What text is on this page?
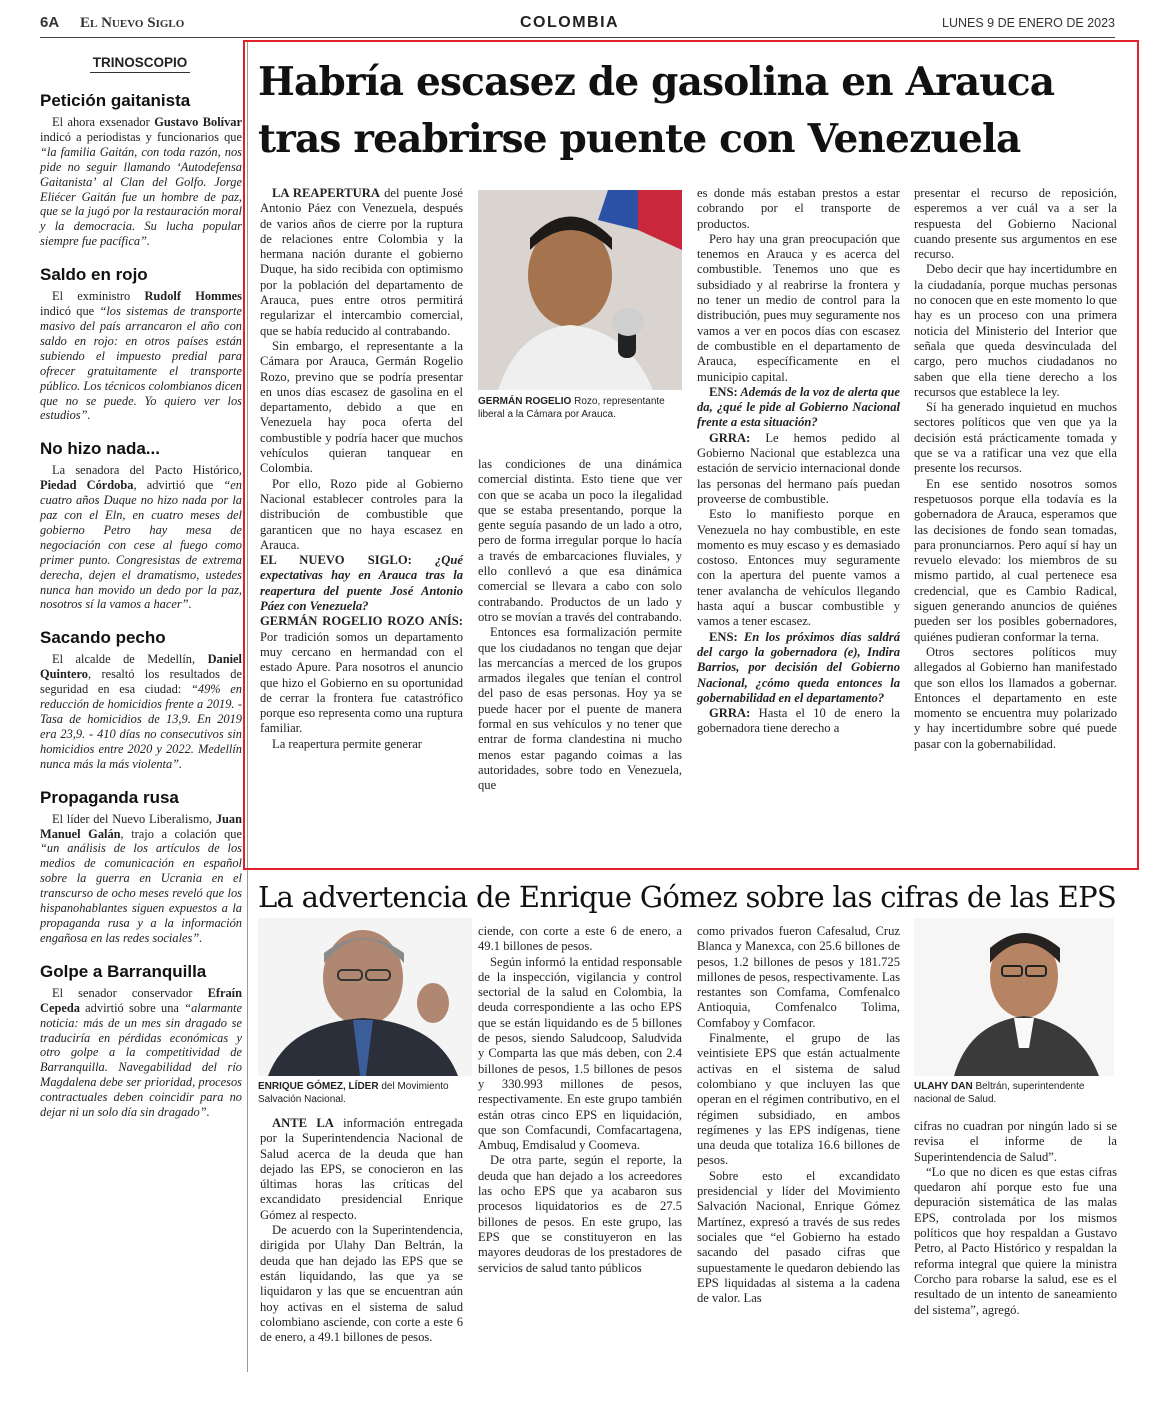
6A El Nuevo Siglo	COLOMBIA	LUNES 9 DE ENERO DE 2023
TRINOSCOPIO
Petición gaitanista
El ahora exsenador Gustavo Bolívar indicó a periodistas y funcionarios que “la familia Gaitán, con toda razón, nos pide no seguir llamando ‘Autodefensa Gaitanista’ al Clan del Golfo. Jorge Eliécer Gaitán fue un hombre de paz, que se la jugó por la restauración moral y la democracia. Su lucha popular siempre fue pacífica”.
Saldo en rojo
El exministro Rudolf Hommes indicó que “los sistemas de transporte masivo del país arrancaron el año con saldo en rojo: en otros países están subiendo el impuesto predial para ofrecer gratuitamente el transporte público. Los técnicos colombianos dicen que no se puede. Yo quiero ver los estudios”.
No hizo nada...
La senadora del Pacto Histórico, Piedad Córdoba, advirtió que “en cuatro años Duque no hizo nada por la paz con el Eln, en cuatro meses del gobierno Petro hay mesa de negociación con cese al fuego como primer punto. Congresistas de extrema derecha, dejen el dramatismo, ustedes nunca han movido un dedo por la paz, nosotros sí la vamos a hacer”.
Sacando pecho
El alcalde de Medellín, Daniel Quintero, resaltó los resultados de seguridad en esa ciudad: “49% en reducción de homicidios frente a 2019. - Tasa de homicidios de 13,9. En 2019 era 23,9. - 410 días no consecutivos sin homicidios entre 2020 y 2022. Medellín nunca más la más violenta”.
Propaganda rusa
El líder del Nuevo Liberalismo, Juan Manuel Galán, trajo a colación que “un análisis de los artículos de los medios de comunicación en español sobre la guerra en Ucrania en el transcurso de ocho meses reveló que los hispanohablantes siguen expuestos a la propaganda rusa y a la información engañosa en las redes sociales”.
Golpe a Barranquilla
El senador conservador Efraín Cepeda advirtió sobre una “alarmante noticia: más de un mes sin dragado se traduciría en pérdidas económicas y otro golpe a la competitividad de Barranquilla. Navegabilidad del río Magdalena debe ser prioridad, procesos contractuales deben coincidir para no dejar ni un solo día sin dragado”.
Habría escasez de gasolina en Arauca tras reabrirse puente con Venezuela
LA REAPERTURA del puente José Antonio Páez con Venezuela, después de varios años de cierre por la ruptura de relaciones entre Colombia y la hermana nación durante el gobierno Duque, ha sido recibida con optimismo por la población del departamento de Arauca, pues entre otros permitirá regularizar el intercambio comercial, que se había reducido al contrabando.
Sin embargo, el representante a la Cámara por Arauca, Germán Rogelio Rozo, previno que se podría presentar en unos días escasez de gasolina en el departamento, debido a que en Venezuela hay poca oferta del combustible y podría hacer que muchos vehículos quieran tanquear en Colombia.
Por ello, Rozo pide al Gobierno Nacional establecer controles para la distribución de combustible que garanticen que no haya escasez en Arauca.
EL NUEVO SIGLO: ¿Qué expectativas hay en Arauca tras la reapertura del puente José Antonio Páez con Venezuela?
GERMÁN ROGELIO ROZO ANÍS: Por tradición somos un departamento muy cercano en hermandad con el estado Apure. Para nosotros el anuncio que hizo el Gobierno en su oportunidad de cerrar la frontera fue catastrófico porque eso representa como una ruptura familiar.
La reapertura permite generar
GERMÁN ROGELIO Rozo, representante liberal a la Cámara por Arauca.
las condiciones de una dinámica comercial distinta. Esto tiene que ver con que se acaba un poco la ilegalidad que se estaba presentando, porque la gente seguía pasando de un lado a otro, pero de forma irregular porque lo hacía a través de embarcaciones fluviales, y ello conllevó a que esa dinámica comercial se llevara a cabo con solo contrabando. Productos de un lado y otro se movían a través del contrabando.
Entonces esa formalización permite que los ciudadanos no tengan que dejar las mercancías a merced de los grupos armados ilegales que tenían el control del paso de esas personas. Hoy ya se puede hacer por el puente de manera formal en sus vehículos y no tener que entrar de forma clandestina ni mucho menos estar pagando coimas a las autoridades, sobre todo en Venezuela, que
es donde más estaban prestos a estar cobrando por el transporte de productos.
Pero hay una gran preocupación que tenemos en Arauca y es acerca del combustible. Tenemos uno que es subsidiado y al reabrirse la frontera y no tener un medio de control para la distribución, pues muy seguramente nos vamos a ver en pocos días con escasez de combustible en el departamento de Arauca, específicamente en el municipio capital.
ENS: Además de la voz de alerta que da, ¿qué le pide al Gobierno Nacional frente a esta situación?
GRRA: Le hemos pedido al Gobierno Nacional que establezca una estación de servicio internacional donde las personas del hermano país puedan proveerse de combustible.
Esto lo manifiesto porque en Venezuela no hay combustible, en este momento es muy escaso y es demasiado costoso. Entonces muy seguramente con la apertura del puente vamos a tener avalancha de vehículos llegando hasta aquí a buscar combustible y vamos a tener escasez.
ENS: En los próximos días saldrá del cargo la gobernadora (e), Indira Barrios, por decisión del Gobierno Nacional, ¿cómo queda entonces la gobernabilidad en el departamento?
GRRA: Hasta el 10 de enero la gobernadora tiene derecho a
presentar el recurso de reposición, esperemos a ver cuál va a ser la respuesta del Gobierno Nacional cuando presente sus argumentos en ese recurso.
Debo decir que hay incertidumbre en la ciudadanía, porque muchas personas no conocen que en este momento lo que hay es un proceso con una primera noticia del Ministerio del Interior que señala que queda desvinculada del cargo, pero muchos ciudadanos no saben que ella tiene derecho a los recursos que establece la ley.
Sí ha generado inquietud en muchos sectores políticos que ven que ya la decisión está prácticamente tomada y que se va a ratificar una vez que ella presente los recursos.
En ese sentido nosotros somos respetuosos porque ella todavía es la gobernadora de Arauca, esperamos que las decisiones de fondo sean tomadas, para pronunciarnos. Pero aquí sí hay un revuelo elevado: los miembros de su mismo partido, al cual pertenece esa credencial, que es Cambio Radical, siguen generando anuncios de quiénes pueden ser los posibles gobernadores, quiénes pudieran conformar la terna.
Otros sectores políticos muy allegados al Gobierno han manifestado que son ellos los llamados a gobernar. Entonces el departamento en este momento se encuentra muy polarizado y hay incertidumbre sobre qué puede pasar con la gobernabilidad.
La advertencia de Enrique Gómez sobre las cifras de las EPS
ENRIQUE GÓMEZ, LÍDER del Movimiento Salvación Nacional.
ANTE LA información entregada por la Superintendencia Nacional de Salud acerca de la deuda que han dejado las EPS, se conocieron en las últimas horas las críticas del excandidato presidencial Enrique Gómez al respecto.
De acuerdo con la Superintendencia, dirigida por Ulahy Dan Beltrán, la deuda que han dejado las EPS que se están liquidando, las que ya se liquidaron y las que se encuentran aún hoy activas en el sistema de salud colombiano asciende, con corte a este 6 de enero, a 49.1 billones de pesos.
ciende, con corte a este 6 de enero, a 49.1 billones de pesos.
Según informó la entidad responsable de la inspección, vigilancia y control sectorial de la salud en Colombia, la deuda correspondiente a las ocho EPS que se están liquidando es de 5 billones de pesos, siendo Saludcoop, Saludvida y Comparta las que más deben, con 2.4 billones de pesos, 1.5 billones de pesos y 330.993 millones de pesos, respectivamente. En este grupo también están otras cinco EPS en liquidación, que son Comfacundi, Comfacartagena, Ambuq, Emdisalud y Coomeva.
De otra parte, según el reporte, la deuda que han dejado a los acreedores las ocho EPS que ya acabaron sus procesos liquidatorios es de 27.5 billones de pesos. En este grupo, las EPS que se constituyeron en las mayores deudoras de los prestadores de servicios de salud tanto públicos
como privados fueron Cafesalud, Cruz Blanca y Manexca, con 25.6 billones de pesos, 1.2 billones de pesos y 181.725 millones de pesos, respectivamente. Las restantes son Comfama, Comfenalco Antioquia, Comfenalco Tolima, Comfaboy y Comfacor.
Finalmente, el grupo de las veintisiete EPS que están actualmente activas en el sistema de salud colombiano y que incluyen las que operan en el régimen contributivo, en el régimen subsidiado, en ambos regímenes y las EPS indígenas, tiene una deuda que totaliza 16.6 billones de pesos.
Sobre esto el excandidato presidencial y líder del Movimiento Salvación Nacional, Enrique Gómez Martínez, expresó a través de sus redes sociales que “el Gobierno ha estado sacando del pasado cifras que supuestamente le quedaron debiendo las EPS liquidadas al sistema a la cadena de valor. Las
ULAHY DAN Beltrán, superintendente nacional de Salud.
cifras no cuadran por ningún lado si se revisa el informe de la Superintendencia de Salud”.
“Lo que no dicen es que estas cifras quedaron ahí porque esto fue una depuración sistemática de las malas EPS, controlada por los mismos políticos que hoy respaldan a Gustavo Petro, al Pacto Histórico y respaldan la reforma integral que quiere la ministra Corcho para robarse la salud, ese es el resultado de un intento de saneamiento del sistema”, agregó.
